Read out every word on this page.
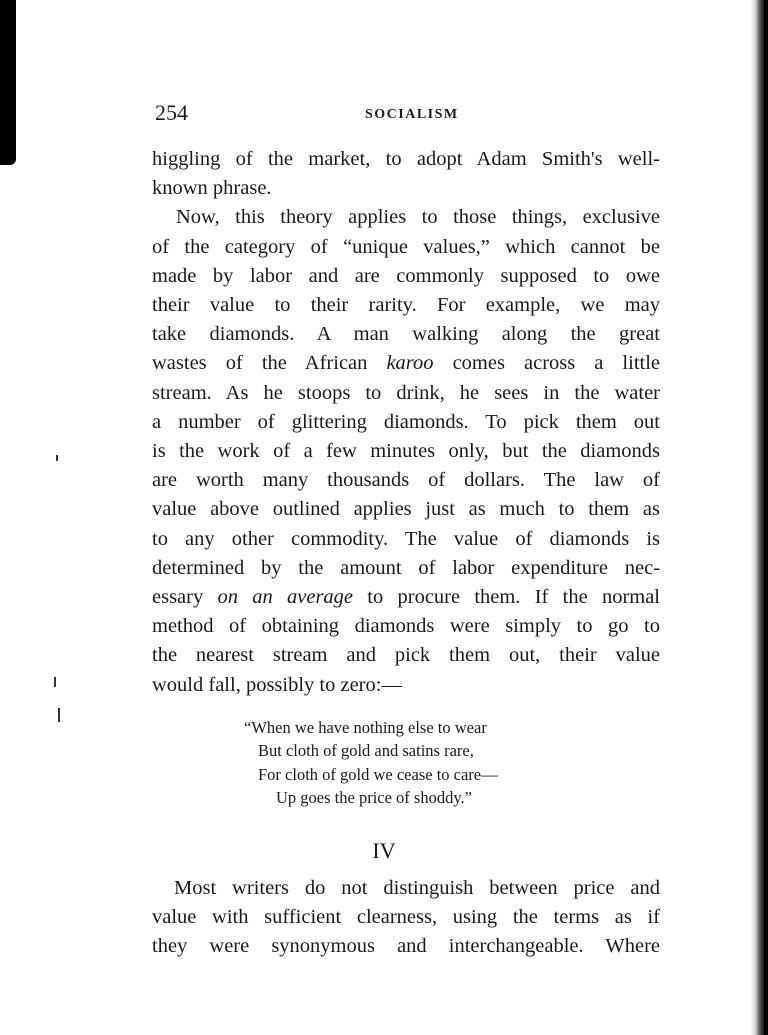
254	SOCIALISM

higgling of the market, to adopt Adam Smith's well-
known phrase.

Now, this theory applies to those things, exclusive
of the category of “unique values,” which cannot be
made by labor and are commonly supposed to owe
their value to their rarity. For example, we may
take diamonds. A man walking along the great
wastes of the African karoo comes across a little
stream. As he stoops to drink, he sees in the water
a number of glittering diamonds. To pick them out
is the work of a few minutes only, but the diamonds
are worth many thousands of dollars. The law of
value above outlined applies just as much to them as
to any other commodity. The value of diamonds is
determined by the amount of labor expenditure nec-
essary on an average to procure them. If the normal
method of obtaining diamonds were simply to go to
the nearest stream and pick them out, their value
would fall, possibly to zero:—

“When we have nothing else to wear
But cloth of gold and satins rare,
For cloth of gold we cease to care—
Up goes the price of shoddy.”
IV
Most writers do not distinguish between price and
value with sufficient clearness, using the terms as if
they were synonymous and interchangeable. Where
